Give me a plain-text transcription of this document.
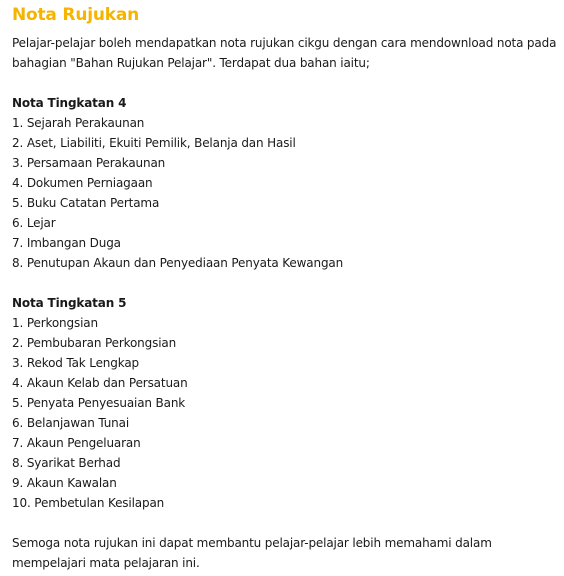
Nota Rujukan

Pelajar-pelajar boleh mendapatkan nota rujukan cikgu dengan cara mendownload nota pada bahagian "Bahan Rujukan Pelajar". Terdapat dua bahan iaitu;

Nota Tingkatan 4

1. Sejarah Perakaunan
2. Aset, Liabiliti, Ekuiti Pemilik, Belanja dan Hasil
3. Persamaan Perakaunan
4. Dokumen Perniagaan
5. Buku Catatan Pertama
6. Lejar
7. Imbangan Duga
8. Penutupan Akaun dan Penyediaan Penyata Kewangan

Nota Tingkatan 5

1. Perkongsian
2. Pembubaran Perkongsian
3. Rekod Tak Lengkap
4. Akaun Kelab dan Persatuan
5. Penyata Penyesuaian Bank
6. Belanjawan Tunai
7. Akaun Pengeluaran
8. Syarikat Berhad
9. Akaun Kawalan
10. Pembetulan Kesilapan

Semoga nota rujukan ini dapat membantu pelajar-pelajar lebih memahami dalam mempelajari mata pelajaran ini.
